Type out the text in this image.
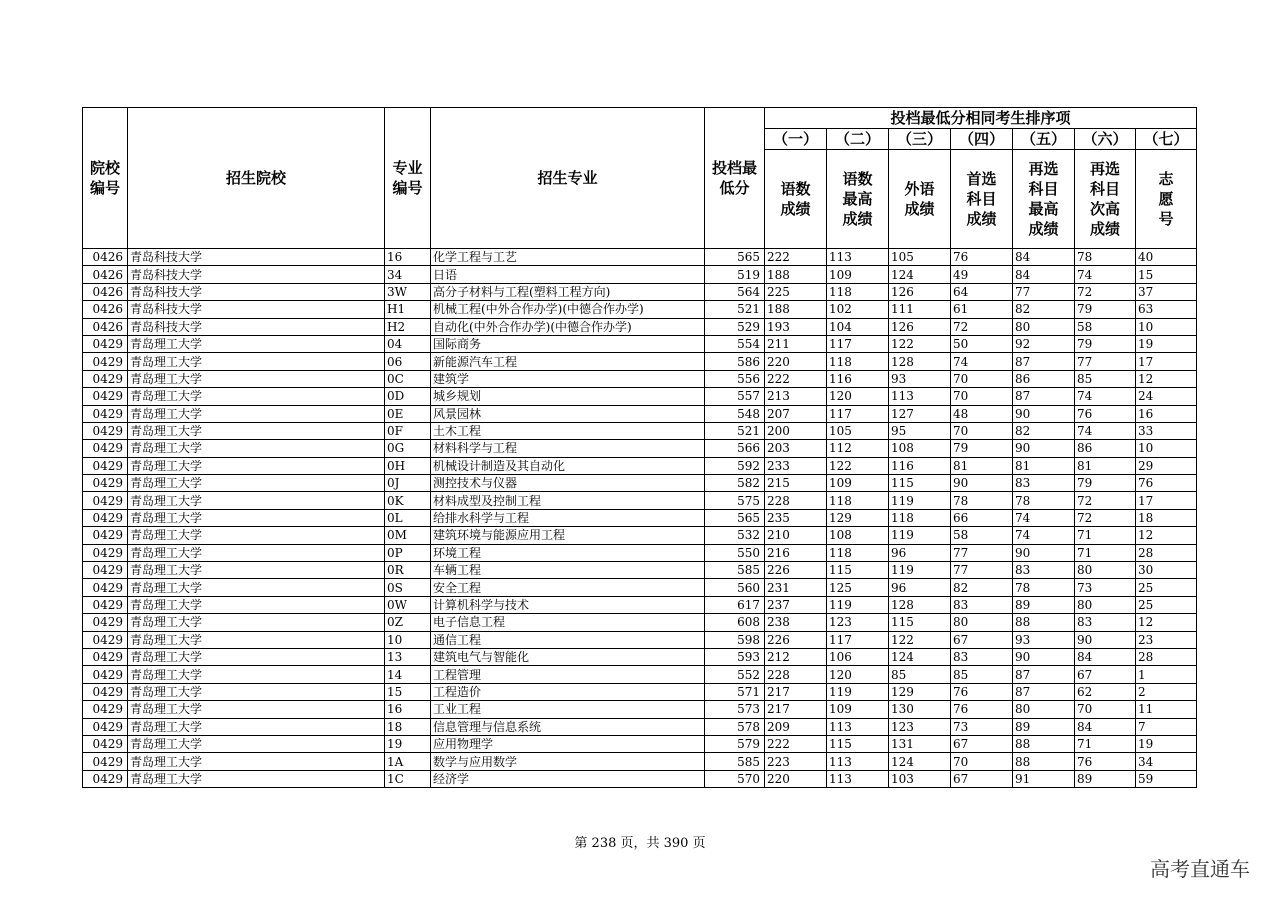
院校编号	招生院校	专业编号	招生专业	投档最低分	投档最低分相同考生排序项						
					（一）	（二）	（三）	（四）	（五）	（六）	（七）
					语数成绩	语数最高成绩	外语成绩	首选科目成绩	再选科目最高成绩	再选科目次高成绩	志愿号
0426	青岛科技大学	16	化学工程与工艺	565	222	113	105	76	84	78	40
0426	青岛科技大学	34	日语	519	188	109	124	49	84	74	15
0426	青岛科技大学	3W	高分子材料与工程(塑料工程方向)	564	225	118	126	64	77	72	37
0426	青岛科技大学	H1	机械工程(中外合作办学)(中德合作办学)	521	188	102	111	61	82	79	63
0426	青岛科技大学	H2	自动化(中外合作办学)(中德合作办学)	529	193	104	126	72	80	58	10
0429	青岛理工大学	04	国际商务	554	211	117	122	50	92	79	19
0429	青岛理工大学	06	新能源汽车工程	586	220	118	128	74	87	77	17
0429	青岛理工大学	0C	建筑学	556	222	116	93	70	86	85	12
0429	青岛理工大学	0D	城乡规划	557	213	120	113	70	87	74	24
0429	青岛理工大学	0E	风景园林	548	207	117	127	48	90	76	16
0429	青岛理工大学	0F	土木工程	521	200	105	95	70	82	74	33
0429	青岛理工大学	0G	材料科学与工程	566	203	112	108	79	90	86	10
0429	青岛理工大学	0H	机械设计制造及其自动化	592	233	122	116	81	81	81	29
0429	青岛理工大学	0J	测控技术与仪器	582	215	109	115	90	83	79	76
0429	青岛理工大学	0K	材料成型及控制工程	575	228	118	119	78	78	72	17
0429	青岛理工大学	0L	给排水科学与工程	565	235	129	118	66	74	72	18
0429	青岛理工大学	0M	建筑环境与能源应用工程	532	210	108	119	58	74	71	12
0429	青岛理工大学	0P	环境工程	550	216	118	96	77	90	71	28
0429	青岛理工大学	0R	车辆工程	585	226	115	119	77	83	80	30
0429	青岛理工大学	0S	安全工程	560	231	125	96	82	78	73	25
0429	青岛理工大学	0W	计算机科学与技术	617	237	119	128	83	89	80	25
0429	青岛理工大学	0Z	电子信息工程	608	238	123	115	80	88	83	12
0429	青岛理工大学	10	通信工程	598	226	117	122	67	93	90	23
0429	青岛理工大学	13	建筑电气与智能化	593	212	106	124	83	90	84	28
0429	青岛理工大学	14	工程管理	552	228	120	85	85	87	67	1
0429	青岛理工大学	15	工程造价	571	217	119	129	76	87	62	2
0429	青岛理工大学	16	工业工程	573	217	109	130	76	80	70	11
0429	青岛理工大学	18	信息管理与信息系统	578	209	113	123	73	89	84	7
0429	青岛理工大学	19	应用物理学	579	222	115	131	67	88	71	19
0429	青岛理工大学	1A	数学与应用数学	585	223	113	124	70	88	76	34
0429	青岛理工大学	1C	经济学	570	220	113	103	67	91	89	59
第 238 页，共 390 页
高考直通车
